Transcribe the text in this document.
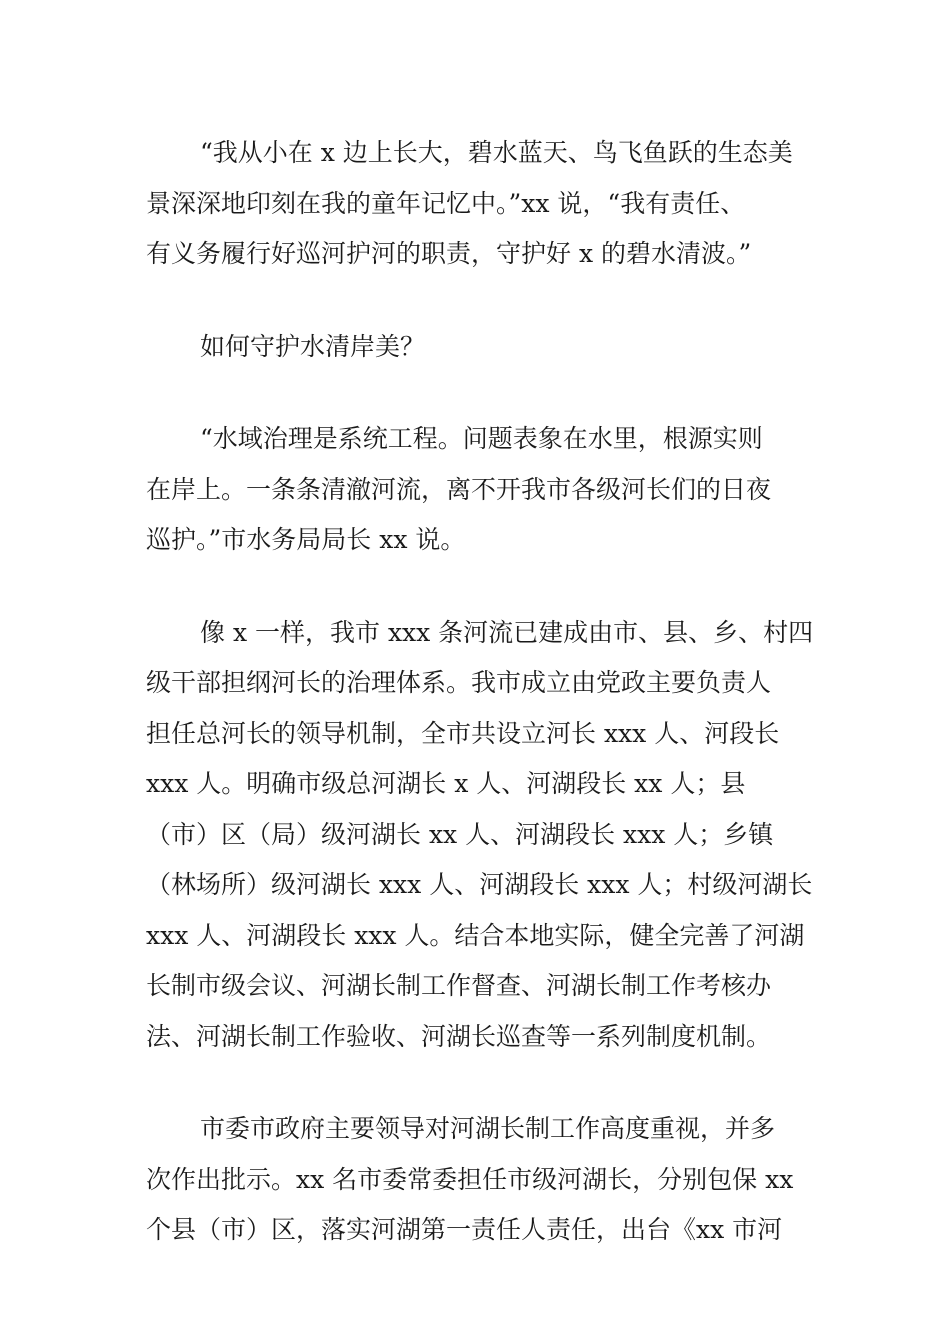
“我从小在 x 边上长大，碧水蓝天、鸟飞鱼跃的生态美
景深深地印刻在我的童年记忆中。”xx 说，“我有责任、
有义务履行好巡河护河的职责，守护好 x 的碧水清波。”
如何守护水清岸美？
“水域治理是系统工程。问题表象在水里，根源实则
在岸上。一条条清澈河流，离不开我市各级河长们的日夜
巡护。”市水务局局长 xx 说。
像 x 一样，我市 xxx 条河流已建成由市、县、乡、村四
级干部担纲河长的治理体系。我市成立由党政主要负责人
担任总河长的领导机制，全市共设立河长 xxx 人、河段长
xxx 人。明确市级总河湖长 x 人、河湖段长 xx 人；县
（市）区（局）级河湖长 xx 人、河湖段长 xxx 人；乡镇
（林场所）级河湖长 xxx 人、河湖段长 xxx 人；村级河湖长
xxx 人、河湖段长 xxx 人。结合本地实际，健全完善了河湖
长制市级会议、河湖长制工作督查、河湖长制工作考核办
法、河湖长制工作验收、河湖长巡查等一系列制度机制。
市委市政府主要领导对河湖长制工作高度重视，并多
次作出批示。xx 名市委常委担任市级河湖长，分别包保 xx
个县（市）区，落实河湖第一责任人责任，出台《xx 市河
